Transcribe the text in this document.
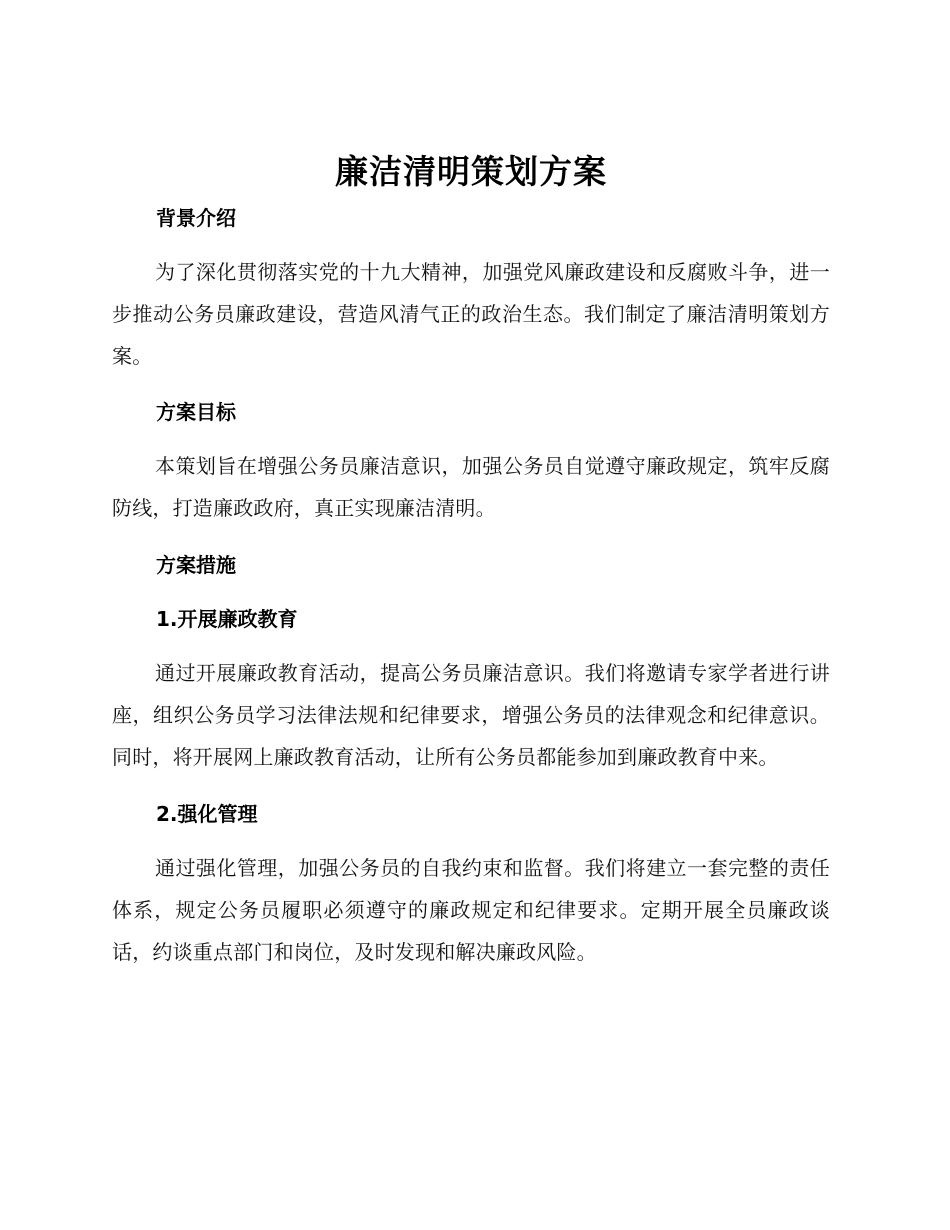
廉洁清明策划方案
背景介绍

为了深化贯彻落实党的十九大精神，加强党风廉政建设和反腐败斗争，进一步推动公务员廉政建设，营造风清气正的政治生态。我们制定了廉洁清明策划方案。

方案目标

本策划旨在增强公务员廉洁意识，加强公务员自觉遵守廉政规定，筑牢反腐防线，打造廉政政府，真正实现廉洁清明。

方案措施
1.开展廉政教育

通过开展廉政教育活动，提高公务员廉洁意识。我们将邀请专家学者进行讲座，组织公务员学习法律法规和纪律要求，增强公务员的法律观念和纪律意识。同时，将开展网上廉政教育活动，让所有公务员都能参加到廉政教育中来。

2.强化管理

通过强化管理，加强公务员的自我约束和监督。我们将建立一套完整的责任体系，规定公务员履职必须遵守的廉政规定和纪律要求。定期开展全员廉政谈话，约谈重点部门和岗位，及时发现和解决廉政风险。
